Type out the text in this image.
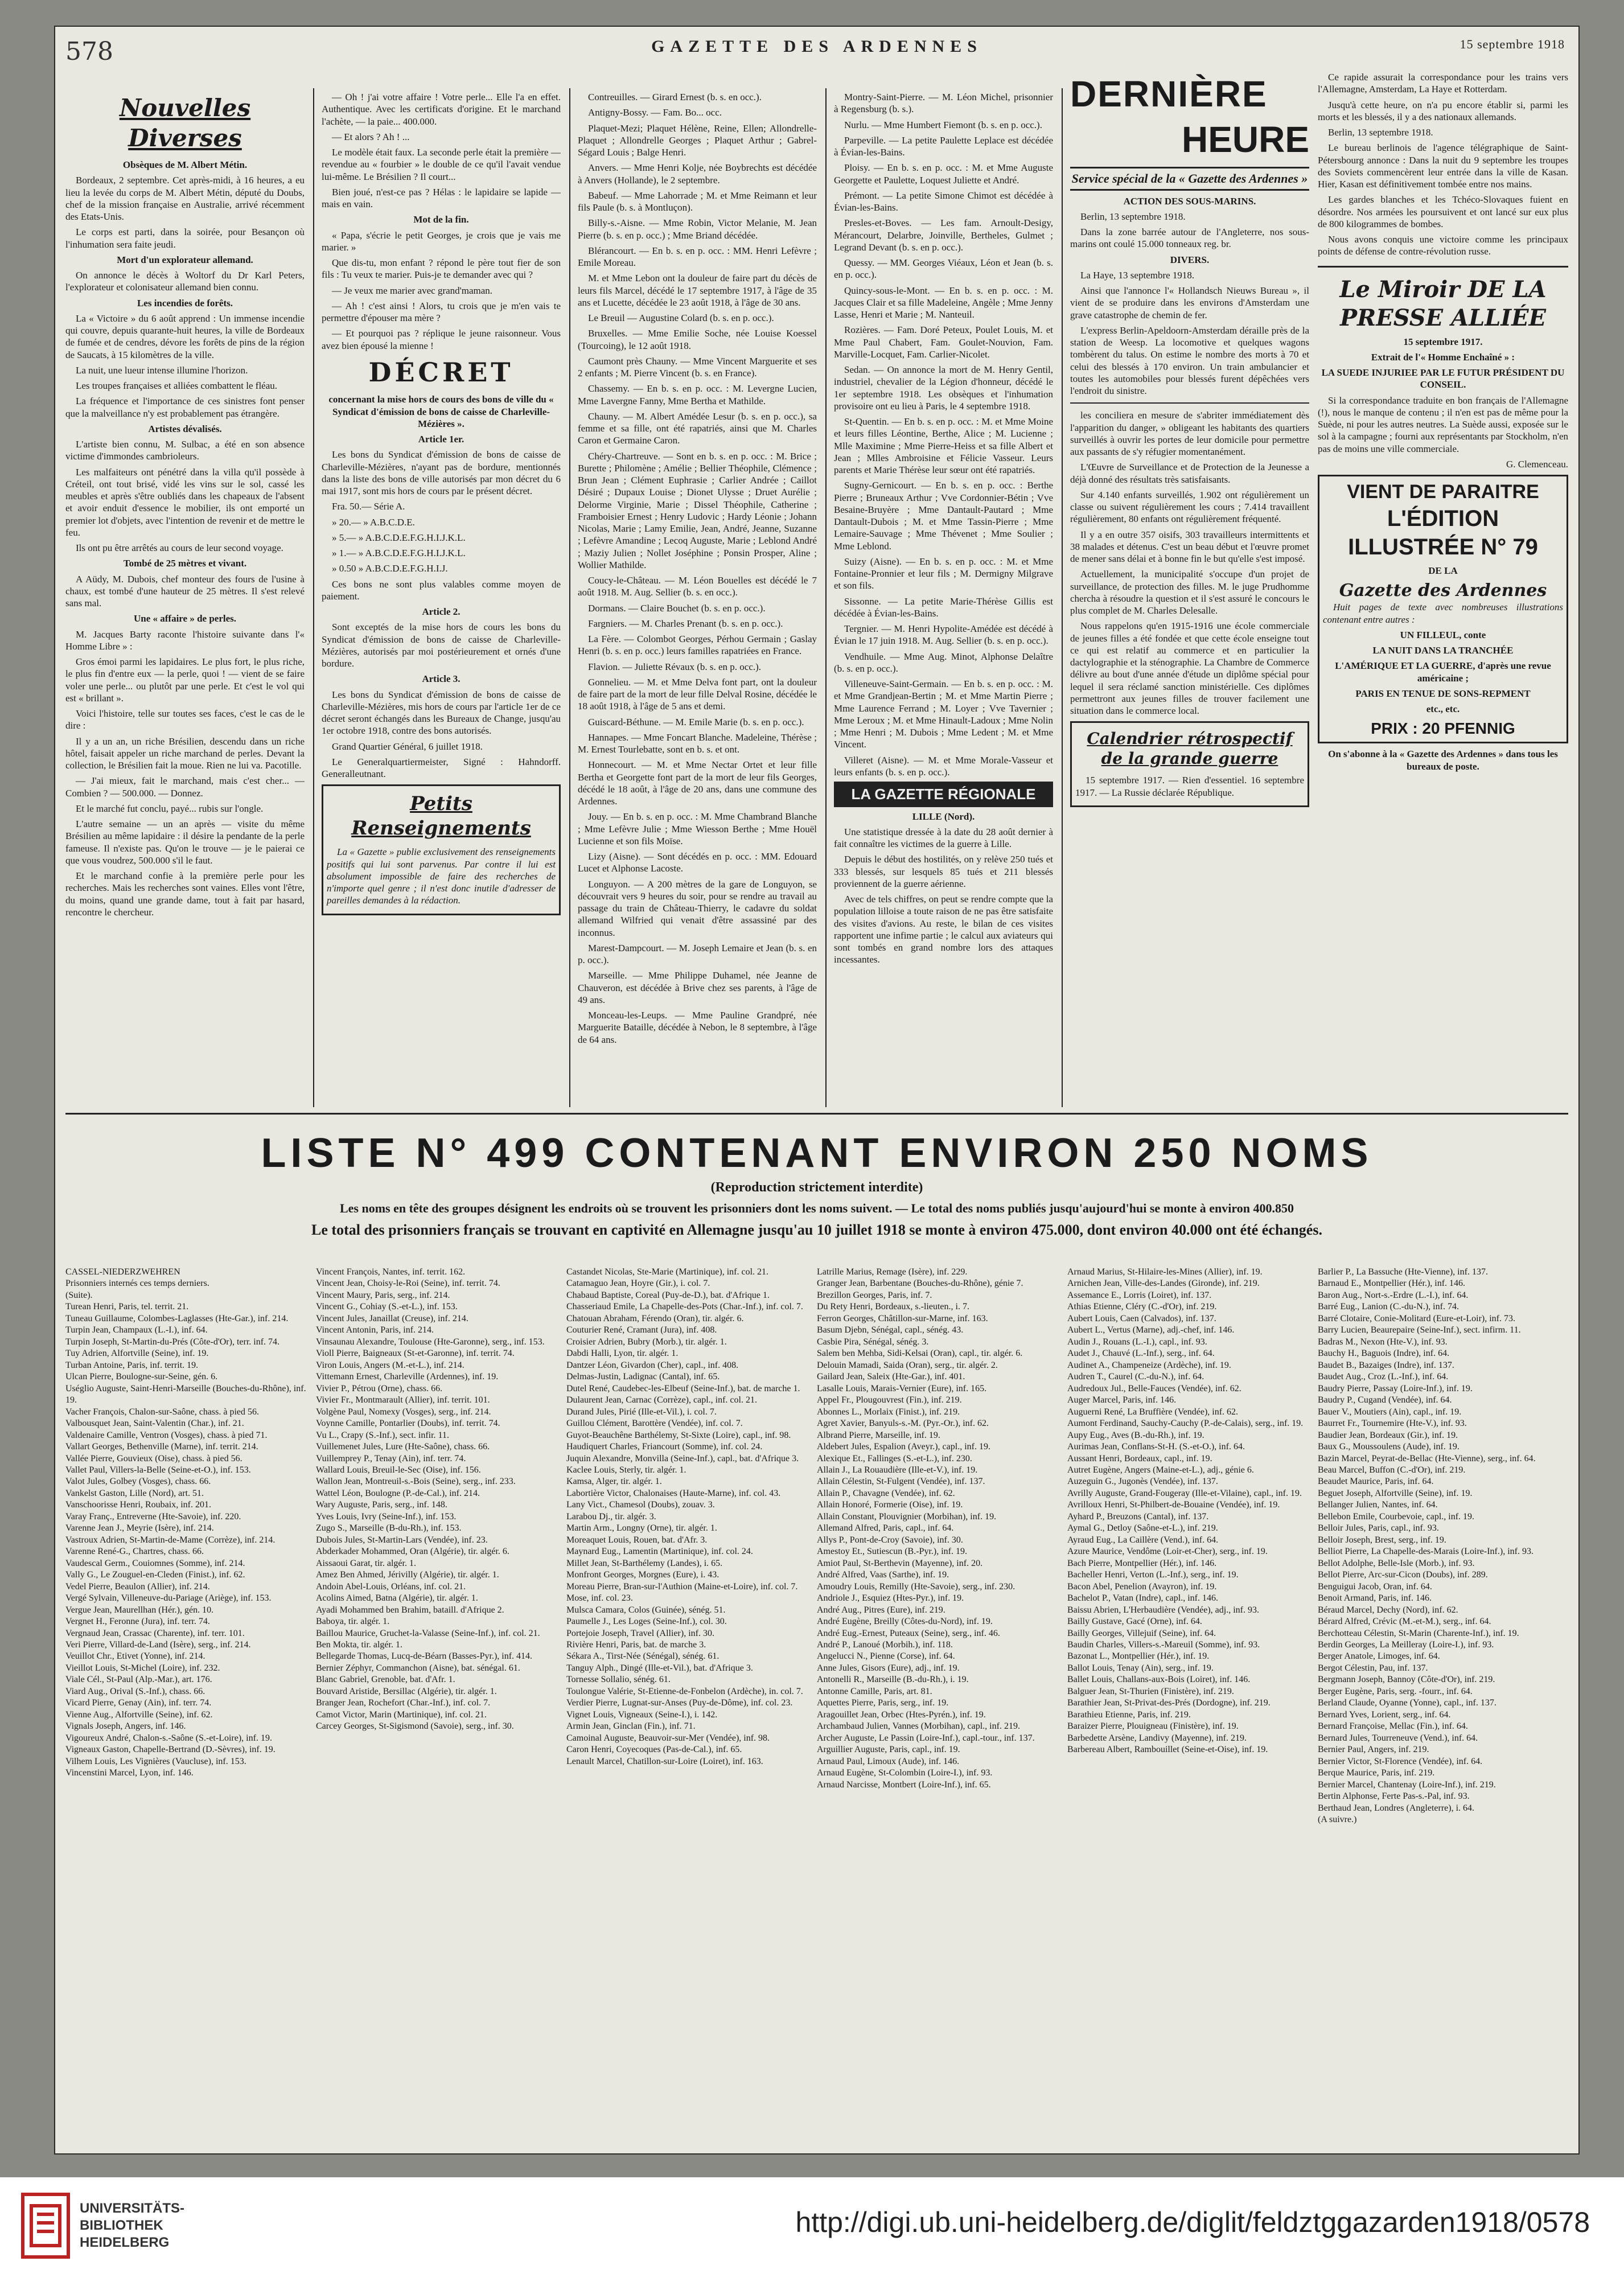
578	GAZETTE DES ARDENNES	15 septembre 1918
Nouvelles Diverses

Obsèques de M. Albert Métin.

Bordeaux, 2 septembre. Cet après-midi, à 16 heures, a eu lieu la levée du corps de M. Albert Métin, député du Doubs, chef de la mission française en Australie, arrivé récemment des Etats-Unis.

Le corps est parti, dans la soirée, pour Besançon où l'inhumation sera faite jeudi.

Mort d'un explorateur allemand.

On annonce le décès à Woltorf du Dr Karl Peters, l'explorateur et colonisateur allemand bien connu.

Les incendies de forêts.

La « Victoire » du 6 août apprend : Un immense incendie qui couvre, depuis quarante-huit heures, la ville de Bordeaux de fumée et de cendres, dévore les forêts de pins de la région de Saucats, à 15 kilomètres de la ville.

La nuit, une lueur intense illumine l'horizon.

Les troupes françaises et alliées combattent le fléau.

La fréquence et l'importance de ces sinistres font penser que la malveillance n'y est probablement pas étrangère.

Artistes dévalisés.

L'artiste bien connu, M. Sulbac, a été en son absence victime d'immondes cambrioleurs.

Les malfaiteurs ont pénétré dans la villa qu'il possède à Créteil, ont tout brisé, vidé les vins sur le sol, cassé les meubles et après s'être oubliés dans les chapeaux de l'absent et avoir enduit d'essence le mobilier, ils ont emporté un premier lot d'objets, avec l'intention de revenir et de mettre le feu.

Ils ont pu être arrêtés au cours de leur second voyage.

Tombé de 25 mètres et vivant.

A Aüdy, M. Dubois, chef monteur des fours de l'usine à chaux, est tombé d'une hauteur de 25 mètres. Il s'est relevé sans mal.

Une « affaire » de perles.

M. Jacques Barty raconte l'histoire suivante dans l'« Homme Libre » :

Gros émoi parmi les lapidaires. Le plus fort, le plus riche, le plus fin d'entre eux — la perle, quoi ! — vient de se faire voler une perle... ou plutôt par une perle. Et c'est le vol qui est « brillant ».

Voici l'histoire, telle sur toutes ses faces, c'est le cas de le dire :

Il y a un an, un riche Brésilien, descendu dans un riche hôtel, faisait appeler un riche marchand de perles. Devant la collection, le Brésilien fait la moue. Rien ne lui va. Pacotille.

— J'ai mieux, fait le marchand, mais c'est cher... — Combien ? — 500.000. — Donnez.

Et le marché fut conclu, payé... rubis sur l'ongle.

L'autre semaine — un an après — visite du même Brésilien au même lapidaire : il désire la pendante de la perle fameuse. Il n'existe pas. Qu'on le trouve — je le paierai ce que vous voudrez, 500.000 s'il le faut.

Et le marchand confie à la première perle pour les recherches. Mais les recherches sont vaines. Elles vont l'être, du moins, quand une grande dame, tout à fait par hasard, rencontre le chercheur.

— Oh ! j'ai votre affaire ! Votre perle... Elle l'a en effet. Authentique. Avec les certificats d'origine. Et le marchand l'achète, — la paie... 400.000.

— Et alors ? Ah ! ...

Le modèle était faux. La seconde perle était la première — revendue au « fourbier » le double de ce qu'il l'avait vendue lui-même. Le Brésilien ? Il court...

Bien joué, n'est-ce pas ? Hélas : le lapidaire se lapide — mais en vain.

Mot de la fin.

« Papa, s'écrie le petit Georges, je crois que je vais me marier. »

Que dis-tu, mon enfant ? répond le père tout fier de son fils : Tu veux te marier. Puis-je te demander avec qui ?

— Je veux me marier avec grand'maman.

— Ah ! c'est ainsi ! Alors, tu crois que je m'en vais te permettre d'épouser ma mère ?

— Et pourquoi pas ? réplique le jeune raisonneur. Vous avez bien épousé la mienne !

DÉCRET

concernant la mise hors de cours des bons de ville du « Syndicat d'émission de bons de caisse de Charleville-Mézières ».

Article 1er.

Les bons du Syndicat d'émission de bons de caisse de Charleville-Mézières, n'ayant pas de bordure, mentionnés dans la liste des bons de ville autorisés par mon décret du 6 mai 1917, sont mis hors de cours par le présent décret.

Fra. 50.— Série A.

» 20.— » A.B.C.D.E.

» 5.— » A.B.C.D.E.F.G.H.I.J.K.L.

» 1.— » A.B.C.D.E.F.G.H.I.J.K.L.

» 0.50 » A.B.C.D.E.F.G.H.I.J.

Ces bons ne sont plus valables comme moyen de paiement.

Article 2.

Sont exceptés de la mise hors de cours les bons du Syndicat d'émission de bons de caisse de Charleville-Mézières, autorisés par moi postérieurement et ornés d'une bordure.

Article 3.

Les bons du Syndicat d'émission de bons de caisse de Charleville-Mézières, mis hors de cours par l'article 1er de ce décret seront échangés dans les Bureaux de Change, jusqu'au 1er octobre 1918, contre des bons autorisés.

Grand Quartier Général, 6 juillet 1918.

Le Generalquartiermeister, Signé : Hahndorff. Generalleutnant.

Petits Renseignements

La « Gazette » publie exclusivement des renseignements positifs qui lui sont parvenus. Par contre il lui est absolument impossible de faire des recherches de n'importe quel genre ; il n'est donc inutile d'adresser de pareilles demandes à la rédaction.

Contreuilles. — Girard Ernest (b. s. en occ.).

Antigny-Bossy. — Fam. Bo... occ.

Plaquet-Mezi; Plaquet Hélène, Reine, Ellen; Allondrelle-Plaquet ; Allondrelle Georges ; Plaquet Arthur ; Gabrel-Ségard Louis ; Balge Henri.

Anvers. — Mme Henri Kolje, née Boybrechts est décédée à Anvers (Hollande), le 2 septembre.

Babeuf. — Mme Lahorrade ; M. et Mme Reimann et leur fils Paule (b. s. à Montluçon).

Billy-s.-Aisne. — Mme Robin, Victor Melanie, M. Jean Pierre (b. s. en p. occ.) ; Mme Briand décédée.

Blérancourt. — En b. s. en p. occ. : MM. Henri Lefèvre ; Emile Moreau.

M. et Mme Lebon ont la douleur de faire part du décès de leurs fils Marcel, décédé le 17 septembre 1917, à l'âge de 35 ans et Lucette, décédée le 23 août 1918, à l'âge de 30 ans.

Le Breuil — Augustine Colard (b. s. en p. occ.).

Bruxelles. — Mme Emilie Soche, née Louise Koessel (Tourcoing), le 12 août 1918.

Caumont près Chauny. — Mme Vincent Marguerite et ses 2 enfants ; M. Pierre Vincent (b. s. en France).

Chassemy. — En b. s. en p. occ. : M. Levergne Lucien, Mme Lavergne Fanny, Mme Bertha et Mathilde.

Chauny. — M. Albert Amédée Lesur (b. s. en p. occ.), sa femme et sa fille, ont été rapatriés, ainsi que M. Charles Caron et Germaine Caron.

Chéry-Chartreuve. — Sont en b. s. en p. occ. : M. Brice ; Burette ; Philomène ; Amélie ; Bellier Théophile, Clémence ; Brun Jean ; Clément Euphrasie ; Carlier Andrée ; Caillot Désiré ; Dupaux Louise ; Dionet Ulysse ; Druet Aurélie ; Delorme Virginie, Marie ; Dissel Théophile, Catherine ; Framboisier Ernest ; Henry Ludovic ; Hardy Léonie ; Johann Nicolas, Marie ; Lamy Emilie, Jean, André, Jeanne, Suzanne ; Lefèvre Amandine ; Lecoq Auguste, Marie ; Leblond André ; Maziy Julien ; Nollet Joséphine ; Ponsin Prosper, Aline ; Wollier Mathilde.

Coucy-le-Château. — M. Léon Bouelles est décédé le 7 août 1918. M. Aug. Sellier (b. s. en occ.).

Dormans. — Claire Bouchet (b. s. en p. occ.).

Fargniers. — M. Charles Prenant (b. s. en p. occ.).

La Fère. — Colombot Georges, Pérhou Germain ; Gaslay Henri (b. s. en p. occ.) leurs familles rapatriées en France.

Flavion. — Juliette Révaux (b. s. en p. occ.).

Gonnelieu. — M. et Mme Delva font part, ont la douleur de faire part de la mort de leur fille Delval Rosine, décédée le 18 août 1918, à l'âge de 5 ans et demi.

Guiscard-Béthune. — M. Emile Marie (b. s. en p. occ.).

Hannapes. — Mme Foncart Blanche. Madeleine, Thérèse ; M. Ernest Tourlebatte, sont en b. s. et ont.

Honnecourt. — M. et Mme Nectar Ortet et leur fille Bertha et Georgette font part de la mort de leur fils Georges, décédé le 18 août, à l'âge de 20 ans, dans une commune des Ardennes.

Jouy. — En b. s. en p. occ. : M. Mme Chambrand Blanche ; Mme Lefèvre Julie ; Mme Wiesson Berthe ; Mme Houël Lucienne et son fils Moïse.

Lizy (Aisne). — Sont décédés en p. occ. : MM. Edouard Lucet et Alphonse Lacoste.

Longuyon. — A 200 mètres de la gare de Longuyon, se découvrait vers 9 heures du soir, pour se rendre au travail au passage du train de Château-Thierry, le cadavre du soldat allemand Wilfried qui venait d'être assassiné par des inconnus.

Marest-Dampcourt. — M. Joseph Lemaire et Jean (b. s. en p. occ.).

Marseille. — Mme Philippe Duhamel, née Jeanne de Chauveron, est décédée à Brive chez ses parents, à l'âge de 49 ans.

Monceau-les-Leups. — Mme Pauline Grandpré, née Marguerite Bataille, décédée à Nebon, le 8 septembre, à l'âge de 64 ans.

Montry-Saint-Pierre. — M. Léon Michel, prisonnier à Regensburg (b. s.).

Nurlu. — Mme Humbert Fiemont (b. s. en p. occ.).

Parpeville. — La petite Paulette Leplace est décédée à Évian-les-Bains.

Ploisy. — En b. s. en p. occ. : M. et Mme Auguste Georgette et Paulette, Loquest Juliette et André.

Prémont. — La petite Simone Chimot est décédée à Évian-les-Bains.

Presles-et-Boves. — Les fam. Arnoult-Desigy, Mérancourt, Delarbre, Joinville, Bertheles, Gulmet ; Legrand Devant (b. s. en p. occ.).

Quessy. — MM. Georges Viéaux, Léon et Jean (b. s. en p. occ.).

Quincy-sous-le-Mont. — En b. s. en p. occ. : M. Jacques Clair et sa fille Madeleine, Angèle ; Mme Jenny Lasse, Henri et Marie ; M. Nanteuil.

Rozières. — Fam. Doré Peteux, Poulet Louis, M. et Mme Paul Chabert, Fam. Goulet-Nouvion, Fam. Marville-Locquet, Fam. Carlier-Nicolet.

Sedan. — On annonce la mort de M. Henry Gentil, industriel, chevalier de la Légion d'honneur, décédé le 1er septembre 1918. Les obsèques et l'inhumation provisoire ont eu lieu à Paris, le 4 septembre 1918.

St-Quentin. — En b. s. en p. occ. : M. et Mme Moine et leurs filles Léontine, Berthe, Alice ; M. Lucienne ; Mlle Maximine ; Mme Pierre-Heiss et sa fille Albert et Jean ; Mlles Ambroisine et Félicie Vasseur. Leurs parents et Marie Thérèse leur sœur ont été rapatriés.

Sugny-Gernicourt. — En b. s. en p. occ. : Berthe Pierre ; Bruneaux Arthur ; Vve Cordonnier-Bétin ; Vve Besaine-Bruyère ; Mme Dantault-Pautard ; Mme Dantault-Dubois ; M. et Mme Tassin-Pierre ; Mme Lemaire-Sauvage ; Mme Thévenet ; Mme Soulier ; Mme Leblond.

Suizy (Aisne). — En b. s. en p. occ. : M. et Mme Fontaine-Pronnier et leur fils ; M. Dermigny Milgrave et son fils.

Sissonne. — La petite Marie-Thérèse Gillis est décédée à Évian-les-Bains.

Tergnier. — M. Henri Hypolite-Amédée est décédé à Évian le 17 juin 1918. M. Aug. Sellier (b. s. en p. occ.).

Vendhuile. — Mme Aug. Minot, Alphonse Delaître (b. s. en p. occ.).

Villeneuve-Saint-Germain. — En b. s. en p. occ. : M. et Mme Grandjean-Bertin ; M. et Mme Martin Pierre ; Mme Laurence Ferrand ; M. Loyer ; Vve Tavernier ; Mme Leroux ; M. et Mme Hinault-Ladoux ; Mme Nolin ; Mme Henri ; M. Dubois ; Mme Ledent ; M. et Mme Vincent.

Villeret (Aisne). — M. et Mme Morale-Vasseur et leurs enfants (b. s. en p. occ.).

LA GAZETTE RÉGIONALE

LILLE (Nord).

Une statistique dressée à la date du 28 août dernier à fait connaître les victimes de la guerre à Lille.

Depuis le début des hostilités, on y relève 250 tués et 333 blessés, sur lesquels 85 tués et 211 blessés proviennent de la guerre aérienne.

Avec de tels chiffres, on peut se rendre compte que la population lilloise a toute raison de ne pas être satisfaite des visites d'avions. Au reste, le bilan de ces visites rapportent une infime partie ; le calcul aux aviateurs qui sont tombés en grand nombre lors des attaques incessantes.

DERNIÈRE
HEURE
Service spécial de la « Gazette des Ardennes »

ACTION DES SOUS-MARINS.

Berlin, 13 septembre 1918.

Dans la zone barrée autour de l'Angleterre, nos sous-marins ont coulé 15.000 tonneaux reg. br.

DIVERS.

La Haye, 13 septembre 1918.

Ainsi que l'annonce l'« Hollandsch Nieuws Bureau », il vient de se produire dans les environs d'Amsterdam une grave catastrophe de chemin de fer.

L'express Berlin-Apeldoorn-Amsterdam déraille près de la station de Weesp. La locomotive et quelques wagons tombèrent du talus. On estime le nombre des morts à 70 et celui des blessés à 170 environ. Un train ambulancier et toutes les automobiles pour blessés furent dépêchées vers l'endroit du sinistre.

les conciliera en mesure de s'abriter immédiatement dès l'apparition du danger, » obligeant les habitants des quartiers surveillés à ouvrir les portes de leur domicile pour permettre aux passants de s'y réfugier momentanément.

L'Œuvre de Surveillance et de Protection de la Jeunesse a déjà donné des résultats très satisfaisants.

Sur 4.140 enfants surveillés, 1.902 ont régulièrement un classe ou suivent régulièrement les cours ; 7.414 travaillent régulièrement, 80 enfants ont régulièrement fréquenté.

Il y a en outre 357 oisifs, 303 travailleurs intermittents et 38 malades et détenus. C'est un beau début et l'œuvre promet de mener sans délai et à bonne fin le but qu'elle s'est imposé.

Actuellement, la municipalité s'occupe d'un projet de surveillance, de protection des filles. M. le juge Prudhomme chercha à résoudre la question et il s'est assuré le concours le plus complet de M. Charles Delesalle.

Nous rappelons qu'en 1915-1916 une école commerciale de jeunes filles a été fondée et que cette école enseigne tout ce qui est relatif au commerce et en particulier la dactylographie et la sténographie. La Chambre de Commerce délivre au bout d'une année d'étude un diplôme spécial pour lequel il sera réclamé sanction ministérielle. Ces diplômes permettront aux jeunes filles de trouver facilement une situation dans le commerce local.

Calendrier rétrospectif de la grande guerre

15 septembre 1917. — Rien d'essentiel. 16 septembre 1917. — La Russie déclarée République.

Ce rapide assurait la correspondance pour les trains vers l'Allemagne, Amsterdam, La Haye et Rotterdam.

Jusqu'à cette heure, on n'a pu encore établir si, parmi les morts et les blessés, il y a des nationaux allemands.

Berlin, 13 septembre 1918.

Le bureau berlinois de l'agence télégraphique de Saint-Pétersbourg annonce : Dans la nuit du 9 septembre les troupes des Soviets commencèrent leur entrée dans la ville de Kasan. Hier, Kasan est définitivement tombée entre nos mains.

Les gardes blanches et les Tchéco-Slovaques fuient en désordre. Nos armées les poursuivent et ont lancé sur eux plus de 800 kilogrammes de bombes.

Nous avons conquis une victoire comme les principaux points de défense de contre-révolution russe.

Le Miroir DE LA PRESSE ALLIÉE

15 septembre 1917.

Extrait de l'« Homme Enchaîné » :

LA SUEDE INJURIEE PAR LE FUTUR PRÉSIDENT DU CONSEIL.

Si la correspondance traduite en bon français de l'Allemagne (!), nous le manque de contenu ; il n'en est pas de même pour la Suède, ni pour les autres neutres. La Suède aussi, exposée sur le sol à la campagne ; fourni aux représentants par Stockholm, n'en pas de moins une ville commerciale.

G. Clemenceau.

VIENT DE PARAITRE
L'ÉDITION ILLUSTRÉE N° 79

DE LA

Gazette des Ardennes

Huit pages de texte avec nombreuses illustrations contenant entre autres :

UN FILLEUL, conte

LA NUIT DANS LA TRANCHÉE

L'AMÉRIQUE ET LA GUERRE, d'après une revue américaine ;

PARIS EN TENUE DE SONS-REPMENT

etc., etc.

PRIX : 20 PFENNIG

On s'abonne à la « Gazette des Ardennes » dans tous les bureaux de poste.

LISTE N° 499 CONTENANT ENVIRON 250 NOMS
(Reproduction strictement interdite)
Les noms en tête des groupes désignent les endroits où se trouvent les prisonniers dont les noms suivent. — Le total des noms publiés jusqu'aujourd'hui se monte à environ 400.850
Le total des prisonniers français se trouvant en captivité en Allemagne jusqu'au 10 juillet 1918 se monte à environ 475.000, dont environ 40.000 ont été échangés.
CASSEL-NIEDERZWEHREN
Prisonniers internés ces temps derniers.
(Suite).
Turean Henri, Paris, tel. territ. 21.
Tuneau Guillaume, Colombes-Laglasses (Hte-Gar.), inf. 214.
Turpin Jean, Champaux (L.-I.), inf. 64.
Turpin Joseph, St-Martin-du-Prés (Côte-d'Or), terr. inf. 74.
Tuy Adrien, Alfortville (Seine), inf. 19.
Turban Antoine, Paris, inf. territ. 19.
Ulcan Pierre, Boulogne-sur-Seine, gén. 6.
Uséglio Auguste, Saint-Henri-Marseille (Bouches-du-Rhône), inf. 19.
Vacher François, Chalon-sur-Saône, chass. à pied 56.
Valbousquet Jean, Saint-Valentin (Char.), inf. 21.
Valdenaire Camille, Ventron (Vosges), chass. à pied 71.
Vallart Georges, Bethenville (Marne), inf. territ. 214.
Vallée Pierre, Gouvieux (Oise), chass. à pied 56.
Vallet Paul, Villers-la-Belle (Seine-et-O.), inf. 153.
Valot Jules, Golbey (Vosges), chass. 66.
Vankelst Gaston, Lille (Nord), art. 51.
Vanschoorisse Henri, Roubaix, inf. 201.
Varay Franç., Entreverne (Hte-Savoie), inf. 220.
Varenne Jean J., Meyrie (Isère), inf. 214.
Vastroux Adrien, St-Martin-de-Mame (Corrèze), inf. 214.
Varenne René-G., Chartres, chass. 66.
Vaudescal Germ., Couiomnes (Somme), inf. 214.
Vally G., Le Zouguel-en-Cleden (Finist.), inf. 62.
Vedel Pierre, Beaulon (Allier), inf. 214.
Vergé Sylvain, Villeneuve-du-Pariage (Ariège), inf. 153.
Vergue Jean, Maurellhan (Hér.), gén. 10.
Vergnet H., Feronne (Jura), inf. terr. 74.
Vergnaud Jean, Crassac (Charente), inf. terr. 101.
Veri Pierre, Villard-de-Land (Isère), serg., inf. 214.
Veuillot Chr., Etivet (Yonne), inf. 214.
Vieillot Louis, St-Michel (Loire), inf. 232.
Viale Cél., St-Paul (Alp.-Mar.), art. 176.
Viard Aug., Orival (S.-Inf.), chass. 66.
Vicard Pierre, Genay (Ain), inf. terr. 74.
Vienne Aug., Alfortville (Seine), inf. 62.
Vignals Joseph, Angers, inf. 146.
Vigoureux André, Chalon-s.-Saône (S.-et-Loire), inf. 19.
Vigneaux Gaston, Chapelle-Bertrand (D.-Sèvres), inf. 19.
Vilhem Louis, Les Vignières (Vaucluse), inf. 153.
Vincenstini Marcel, Lyon, inf. 146.
Vincent François, Nantes, inf. territ. 162.
Vincent Jean, Choisy-le-Roi (Seine), inf. territ. 74.
Vincent Maury, Paris, serg., inf. 214.
Vincent G., Cohiay (S.-et-L.), inf. 153.
Vincent Jules, Janaillat (Creuse), inf. 214.
Vincent Antonin, Paris, inf. 214.
Vinsaunau Alexandre, Toulouse (Hte-Garonne), serg., inf. 153.
Violl Pierre, Baigneaux (St-et-Garonne), inf. territ. 74.
Viron Louis, Angers (M.-et-L.), inf. 214.
Vittemann Ernest, Charleville (Ardennes), inf. 19.
Vivier P., Pétrou (Orne), chass. 66.
Vivier Fr., Montmarault (Allier), inf. territ. 101.
Volgène Paul, Nomexy (Vosges), serg., inf. 214.
Voynne Camille, Pontarlier (Doubs), inf. territ. 74.
Vu L., Crapy (S.-Inf.), sect. infir. 11.
Vuillemenet Jules, Lure (Hte-Saône), chass. 66.
Vuillemprey P., Tenay (Ain), inf. terr. 74.
Wallard Louis, Breuil-le-Sec (Oise), inf. 156.
Wallon Jean, Montreuil-s.-Bois (Seine), serg., inf. 233.
Wattel Léon, Boulogne (P.-de-Cal.), inf. 214.
Wary Auguste, Paris, serg., inf. 148.
Yves Louis, Ivry (Seine-Inf.), inf. 153.
Zugo S., Marseille (B-du-Rh.), inf. 153.
Dubois Jules, St-Martin-Lars (Vendée), inf. 23.
Abderkader Mohammed, Oran (Algérie), tir. algér. 6.
Aissaoui Garat, tir. algér. 1.
Amez Ben Ahmed, Jérivilly (Algérie), tir. algér. 1.
Andoin Abel-Louis, Orléans, inf. col. 21.
Acolins Aimed, Batna (Algérie), tir. algér. 1.
Ayadi Mohammed ben Brahim, bataill. d'Afrique 2.
Baboya, tir. algér. 1.
Baillou Maurice, Gruchet-la-Valasse (Seine-Inf.), inf. col. 21.
Ben Mokta, tir. algér. 1.
Bellegarde Thomas, Lucq-de-Béarn (Basses-Pyr.), inf. 414.
Bernier Zéphyr, Commanchon (Aisne), bat. sénégal. 61.
Blanc Gabriel, Grenoble, bat. d'Afr. 1.
Bouvard Aristide, Bersillac (Algérie), tir. algér. 1.
Branger Jean, Rochefort (Char.-Inf.), inf. col. 7.
Camot Victor, Marin (Martinique), inf. col. 21.
Carcey Georges, St-Sigismond (Savoie), serg., inf. 30.
Castandet Nicolas, Ste-Marie (Martinique), inf. col. 21.
Catamaguo Jean, Hoyre (Gir.), i. col. 7.
Chabaud Baptiste, Coreal (Puy-de-D.), bat. d'Afrique 1.
Chasseriaud Emile, La Chapelle-des-Pots (Char.-Inf.), inf. col. 7.
Chatouan Abraham, Férendo (Oran), tir. algér. 6.
Couturier René, Cramant (Jura), inf. 408.
Croisier Adrien, Bubry (Morb.), tir. algér. 1.
Dabdi Halli, Lyon, tir. algér. 1.
Dantzer Léon, Givardon (Cher), capl., inf. 408.
Delmas-Justin, Ladignac (Cantal), inf. 65.
Dutel René, Caudebec-les-Elbeuf (Seine-Inf.), bat. de marche 1.
Dulaurent Jean, Carnac (Corrèze), capl., inf. col. 21.
Durand Jules, Pirié (Ille-et-Vil.), i. col. 7.
Guillou Clément, Barottère (Vendée), inf. col. 7.
Guyot-Beauchêne Barthélemy, St-Sixte (Loire), capl., inf. 98.
Haudiquert Charles, Friancourt (Somme), inf. col. 24.
Juquin Alexandre, Monvilla (Seine-Inf.), capl., bat. d'Afrique 3.
Kaclee Louis, Sterly, tir. algér. 1.
Kamsa, Alger, tir. algér. 1.
Labortière Victor, Chalonaises (Haute-Marne), inf. col. 43.
Lany Vict., Chamesol (Doubs), zouav. 3.
Larabou Dj., tir. algér. 3.
Martin Arm., Longny (Orne), tir. algér. 1.
Moreaquet Louis, Rouen, bat. d'Afr. 3.
Maynard Eug., Lamentin (Martinique), inf. col. 24.
Millet Jean, St-Barthélemy (Landes), i. 65.
Monfront Georges, Morgnes (Eure), i. 43.
Moreau Pierre, Bran-sur-l'Authion (Maine-et-Loire), inf. col. 7.
Mose, inf. col. 23.
Mulsca Camara, Colos (Guinée), sénég. 51.
Paumelle J., Les Loges (Seine-Inf.), col. 30.
Portejoie Joseph, Travel (Allier), inf. 30.
Rivière Henri, Paris, bat. de marche 3.
Sékara A., Tirst-Née (Sénégal), sénég. 61.
Tanguy Alph., Dingé (Ille-et-Vil.), bat. d'Afrique 3.
Tornesse Sollalio, sénég. 61.
Toulongue Valérie, St-Etienne-de-Fonbelon (Ardèche), in. col. 7.
Verdier Pierre, Lugnat-sur-Anses (Puy-de-Dôme), inf. col. 23.
Vignet Louis, Vigneaux (Seine-I.), i. 142.
Armin Jean, Ginclan (Fin.), inf. 71.
Camoinal Auguste, Beauvoir-sur-Mer (Vendée), inf. 98.
Caron Henri, Coyecoques (Pas-de-Cal.), inf. 65.
Lenault Marcel, Chatillon-sur-Loire (Loiret), inf. 163.
Latrille Marius, Remage (Isère), inf. 229.
Granger Jean, Barbentane (Bouches-du-Rhône), génie 7.
Brezillon Georges, Paris, inf. 7.
Du Rety Henri, Bordeaux, s.-lieuten., i. 7.
Ferron Georges, Châtillon-sur-Marne, inf. 163.
Basum Djebn, Sénégal, capl., sénég. 43.
Casbie Pira, Sénégal, sénég. 3.
Salem ben Mehba, Sidi-Kelsai (Oran), capl., tir. algér. 6.
Delouin Mamadi, Saida (Oran), serg., tir. algér. 2.
Gailard Jean, Saleix (Hte-Gar.), inf. 401.
Lasalle Louis, Marais-Vernier (Eure), inf. 165.
Appel Fr., Plougouvrest (Fin.), inf. 219.
Abonnes L., Morlaix (Finist.), inf. 219.
Agret Xavier, Banyuls-s.-M. (Pyr.-Or.), inf. 62.
Albrand Pierre, Marseille, inf. 19.
Aldebert Jules, Espalion (Aveyr.), capl., inf. 19.
Alexique Et., Fallinges (S.-et-L.), inf. 230.
Allain J., La Rouaudière (Ille-et-V.), inf. 19.
Allain Célestin, St-Fulgent (Vendée), inf. 137.
Allain P., Chavagne (Vendée), inf. 62.
Allain Honoré, Formerie (Oise), inf. 19.
Allain Constant, Plouvignier (Morbihan), inf. 19.
Allemand Alfred, Paris, capl., inf. 64.
Allys P., Pont-de-Croy (Savoie), inf. 30.
Amestoy Et., Sutiescun (B.-Pyr.), inf. 19.
Amiot Paul, St-Berthevin (Mayenne), inf. 20.
André Alfred, Vaas (Sarthe), inf. 19.
Amoudry Louis, Remilly (Hte-Savoie), serg., inf. 230.
Andriole J., Esquiez (Htes-Pyr.), inf. 19.
André Aug., Pitres (Eure), inf. 219.
André Eugène, Breilly (Côtes-du-Nord), inf. 19.
André Eug.-Ernest, Puteaux (Seine), serg., inf. 46.
André P., Lanoué (Morbih.), inf. 118.
Angelucci N., Pienne (Corse), inf. 64.
Anne Jules, Gisors (Eure), adj., inf. 19.
Antonelli R., Marseille (B.-du-Rh.), i. 19.
Antonne Camille, Paris, art. 81.
Aquettes Pierre, Paris, serg., inf. 19.
Aragouillet Jean, Orbec (Htes-Pyrén.), inf. 19.
Archambaud Julien, Vannes (Morbihan), capl., inf. 219.
Archer Auguste, Le Passin (Loire-Inf.), capl.-tour., inf. 137.
Arguillier Auguste, Paris, capl., inf. 19.
Arnaud Paul, Limoux (Aude), inf. 146.
Arnaud Eugène, St-Colombin (Loire-I.), inf. 93.
Arnaud Narcisse, Montbert (Loire-Inf.), inf. 65.
Arnaud Marius, St-Hilaire-les-Mines (Allier), inf. 19.
Arnichen Jean, Ville-des-Landes (Gironde), inf. 219.
Assemance E., Lorris (Loiret), inf. 137.
Athias Etienne, Cléry (C.-d'Or), inf. 219.
Aubert Louis, Caen (Calvados), inf. 137.
Aubert L., Vertus (Marne), adj.-chef, inf. 146.
Audin J., Rouans (L.-I.), capl., inf. 93.
Audet J., Chauvé (L.-Inf.), serg., inf. 64.
Audinet A., Champeneize (Ardèche), inf. 19.
Audren T., Caurel (C.-du-N.), inf. 64.
Audredoux Jul., Belle-Fauces (Vendée), inf. 62.
Auger Marcel, Paris, inf. 146.
Auguerni René, La Bruffière (Vendée), inf. 62.
Aumont Ferdinand, Sauchy-Cauchy (P.-de-Calais), serg., inf. 19.
Aupy Eug., Aves (B.-du-Rh.), inf. 19.
Aurimas Jean, Conflans-St-H. (S.-et-O.), inf. 64.
Aussant Henri, Bordeaux, capl., inf. 19.
Autret Eugène, Angers (Maine-et-L.), adj., génie 6.
Auzeguin G., Jugonès (Vendée), inf. 137.
Avrilly Auguste, Grand-Fougeray (Ille-et-Vilaine), capl., inf. 19.
Avrilloux Henri, St-Philbert-de-Bouaine (Vendée), inf. 19.
Ayhard P., Breuzons (Cantal), inf. 137.
Aymal G., Detloy (Saône-et-L.), inf. 219.
Ayraud Eug., La Caillère (Vend.), inf. 64.
Azure Maurice, Vendôme (Loir-et-Cher), serg., inf. 19.
Bach Pierre, Montpellier (Hér.), inf. 146.
Bacheller Henri, Verton (L.-Inf.), serg., inf. 19.
Bacon Abel, Penelion (Avayron), inf. 19.
Bachelot P., Vatan (Indre), capl., inf. 146.
Baissu Abrien, L'Herbaudière (Vendée), adj., inf. 93.
Bailly Gustave, Gacé (Orne), inf. 64.
Bailly Georges, Villejuif (Seine), inf. 64.
Baudin Charles, Villers-s.-Mareuil (Somme), inf. 93.
Bazonat L., Montpellier (Hér.), inf. 19.
Ballot Louis, Tenay (Ain), serg., inf. 19.
Ballet Louis, Challans-aux-Bois (Loiret), inf. 146.
Balguer Jean, St-Thurien (Finistère), inf. 219.
Barathier Jean, St-Privat-des-Prés (Dordogne), inf. 219.
Barathieu Etienne, Paris, inf. 219.
Baraizer Pierre, Plouigneau (Finistère), inf. 19.
Barbedette Arsène, Landivy (Mayenne), inf. 219.
Barbereau Albert, Rambouillet (Seine-et-Oise), inf. 19.
Barlier P., La Bassuche (Hte-Vienne), inf. 137.
Barnaud E., Montpellier (Hér.), inf. 146.
Baron Aug., Nort-s.-Erdre (L.-I.), inf. 64.
Barré Eug., Lanion (C.-du-N.), inf. 74.
Barré Clotaire, Conie-Molitard (Eure-et-Loir), inf. 73.
Barry Lucien, Beaurepaire (Seine-Inf.), sect. infirm. 11.
Badras M., Nexon (Hte-V.), inf. 93.
Bauchy H., Baguois (Indre), inf. 64.
Baudet B., Bazaiges (Indre), inf. 137.
Baudet Aug., Croz (L.-Inf.), inf. 64.
Baudry Pierre, Passay (Loire-Inf.), inf. 19.
Baudry P., Cugand (Vendée), inf. 64.
Bauer V., Moutiers (Ain), capl., inf. 19.
Baurret Fr., Tournemire (Hte-V.), inf. 93.
Baudier Jean, Bordeaux (Gir.), inf. 19.
Baux G., Moussoulens (Aude), inf. 19.
Bazin Marcel, Peyrat-de-Bellac (Hte-Vienne), serg., inf. 64.
Beau Marcel, Buffon (C.-d'Or), inf. 219.
Beaudet Maurice, Paris, inf. 64.
Beguet Joseph, Alfortville (Seine), inf. 19.
Bellanger Julien, Nantes, inf. 64.
Bellebon Emile, Courbevoie, capl., inf. 19.
Belloir Jules, Paris, capl., inf. 93.
Belloir Joseph, Brest, serg., inf. 19.
Belliot Pierre, La Chapelle-des-Marais (Loire-Inf.), inf. 93.
Bellot Adolphe, Belle-Isle (Morb.), inf. 93.
Bellot Pierre, Arc-sur-Cicon (Doubs), inf. 289.
Benguigui Jacob, Oran, inf. 64.
Benoit Armand, Paris, inf. 146.
Béraud Marcel, Dechy (Nord), inf. 62.
Bérard Alfred, Crévic (M.-et-M.), serg., inf. 64.
Berchotteau Célestin, St-Marin (Charente-Inf.), inf. 19.
Berdin Georges, La Meilleray (Loire-I.), inf. 93.
Berger Anatole, Limoges, inf. 64.
Bergot Célestin, Pau, inf. 137.
Bergmann Joseph, Bannoy (Côte-d'Or), inf. 219.
Berger Eugène, Paris, serg. -fourr., inf. 64.
Berland Claude, Oyanne (Yonne), capl., inf. 137.
Bernard Yves, Lorient, serg., inf. 64.
Bernard Françoise, Mellac (Fin.), inf. 64.
Bernard Jules, Tourreneuve (Vend.), inf. 64.
Bernier Paul, Angers, inf. 219.
Bernier Victor, St-Florence (Vendée), inf. 64.
Berque Maurice, Paris, inf. 219.
Bernier Marcel, Chantenay (Loire-Inf.), inf. 219.
Bertin Alphonse, Ferte Pas-s.-Pal, inf. 93.
Berthaud Jean, Londres (Angleterre), i. 64.
(A suivre.)
UNIVERSITÄTS-
BIBLIOTHEK
HEIDELBERG
http://digi.ub.uni-heidelberg.de/diglit/feldztggazarden1918/0578
